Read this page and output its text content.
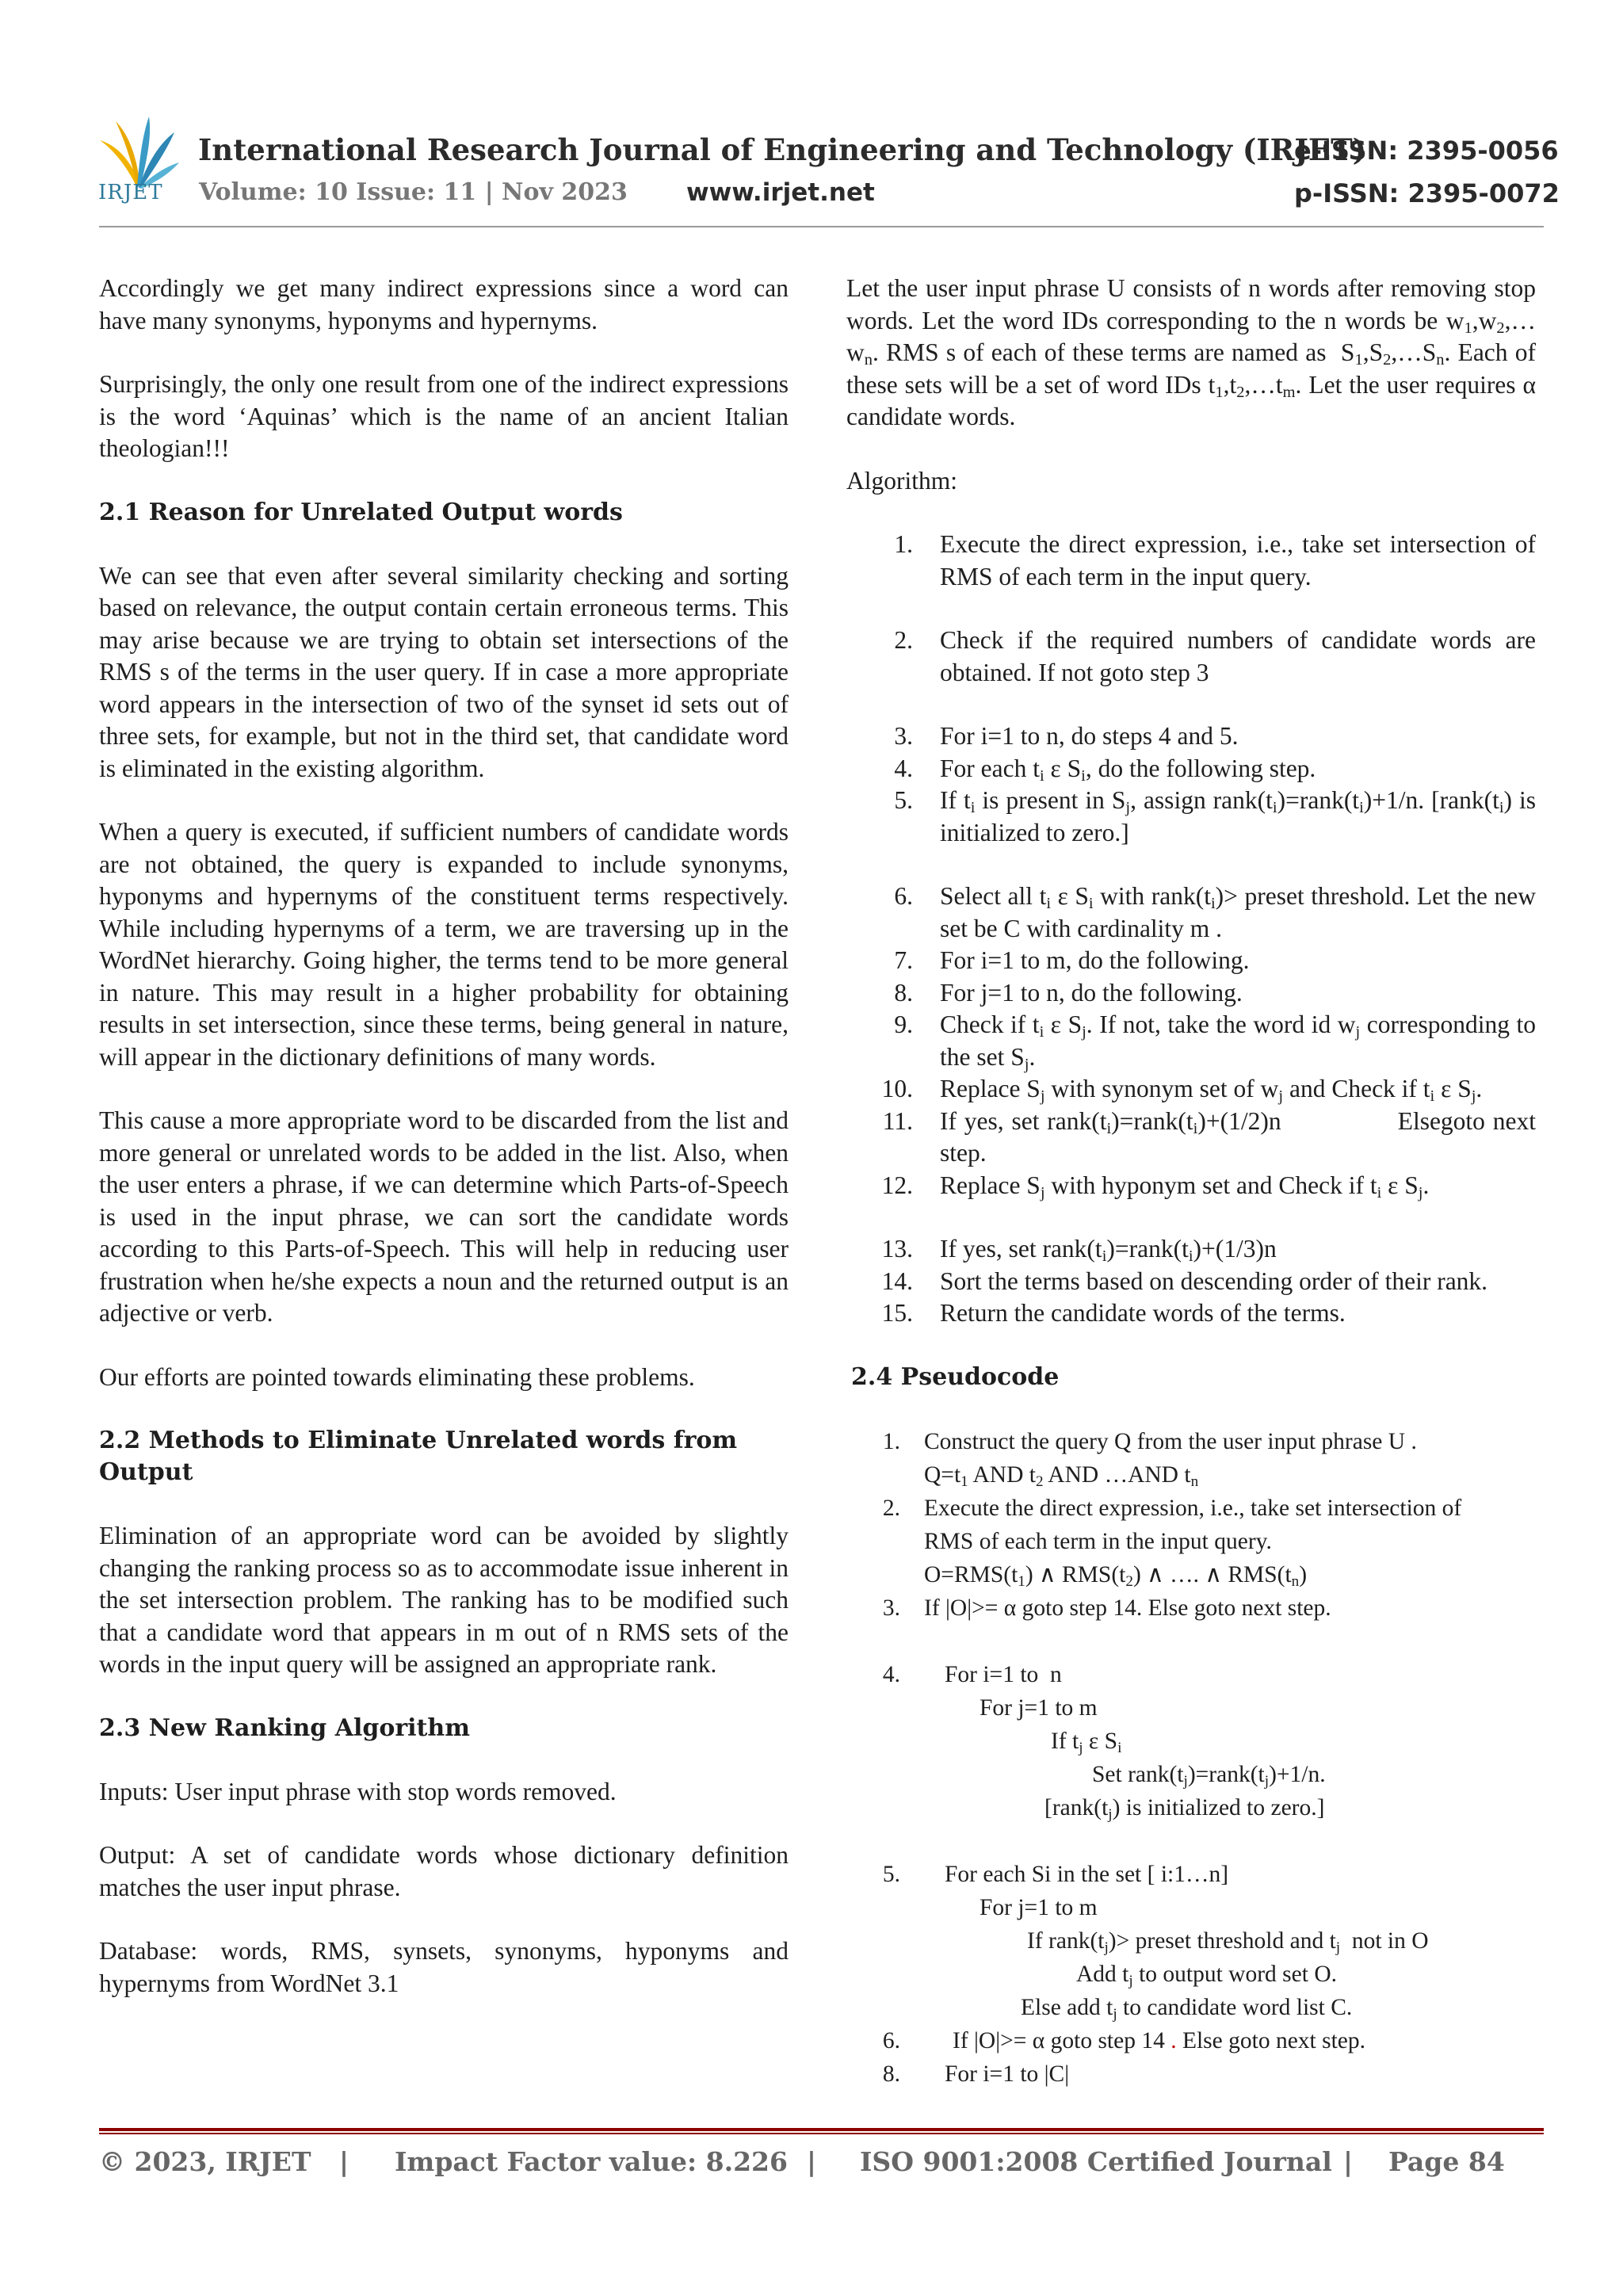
IRJET
International Research Journal of Engineering and Technology (IRJET)
e-ISSN: 2395-0056
Volume: 10 Issue: 11 | Nov 2023 www.irjet.net	p-ISSN: 2395-0072

Accordingly we get many indirect expressions since a word can have many synonyms, hyponyms and hypernyms.

Surprisingly, the only one result from one of the indirect expressions is the word ‘Aquinas’ which is the name of an ancient Italian theologian!!!

2.1 Reason for Unrelated Output words

We can see that even after several similarity checking and sorting based on relevance, the output contain certain erroneous terms. This may arise because we are trying to obtain set intersections of the RMS s of the terms in the user query. If in case a more appropriate word appears in the intersection of two of the synset id sets out of three sets, for example, but not in the third set, that candidate word is eliminated in the existing algorithm.

When a query is executed, if sufficient numbers of candidate words are not obtained, the query is expanded to include synonyms, hyponyms and hypernyms of the constituent terms respectively. While including hypernyms of a term, we are traversing up in the WordNet hierarchy. Going higher, the terms tend to be more general in nature. This may result in a higher probability for obtaining results in set intersection, since these terms, being general in nature, will appear in the dictionary definitions of many words.

This cause a more appropriate word to be discarded from the list and more general or unrelated words to be added in the list. Also, when the user enters a phrase, if we can determine which Parts-of-Speech is used in the input phrase, we can sort the candidate words according to this Parts-of-Speech. This will help in reducing user frustration when he/she expects a noun and the returned output is an adjective or verb.

Our efforts are pointed towards eliminating these problems.

2.2 Methods to Eliminate Unrelated words from Output

Elimination of an appropriate word can be avoided by slightly changing the ranking process so as to accommodate issue inherent in the set intersection problem. The ranking has to be modified such that a candidate word that appears in m out of n RMS sets of the words in the input query will be assigned an appropriate rank.

2.3 New Ranking Algorithm

Inputs: User input phrase with stop words removed.

Output: A set of candidate words whose dictionary definition matches the user input phrase.

Database: words, RMS, synsets, synonyms, hyponyms and hypernyms from WordNet 3.1

Let the user input phrase U consists of n words after removing stop words. Let the word IDs corresponding to the n words be $w_1,w_2,\dots w_n$. RMS s of each of these terms are named as  $S_1,S_2,\dots S_n$. Each of these sets will be a set of word IDs $t_1,t_2,\dots t_m$. Let the user requires α candidate words.

Algorithm:

1. Execute the direct expression, i.e., take set intersection of RMS of each term in the input query.
2. Check if the required numbers of candidate words are obtained. If not goto step 3
3. For i=1 to n, do steps 4 and 5.
4. For each $t_i$ ε $S_i$, do the following step.
5. If $t_i$ is present in $S_j$, assign $rank(t_i)=rank(t_i)+1/n$. [$rank(t_i)$ is initialized to zero.]
6. Select all $t_i$ ε $S_i$ with $rank(t_i)>$ preset threshold. Let the new set be C with cardinality m .
7. For i=1 to m, do the following.
8. For j=1 to n, do the following.
9. Check if $t_i$ ε $S_j$. If not, take the word id $w_j$ corresponding to the set $S_j$.
10. Replace $S_j$ with synonym set of $w_j$ and Check if $t_i$ ε $S_j$.
11. If yes, set $rank(t_i)=rank(t_i)+(1/2)n$               Elsegoto next step.
12. Replace $S_j$ with hyponym set and Check if $t_i$ ε $S_j$.
13. If yes, set $rank(t_i)=rank(t_i)+(1/3)n$
14. Sort the terms based on descending order of their rank.
15. Return the candidate words of the terms.
2.4 Pseudocode
1. Construct the query Q from the user input phrase U .
$Q=t_1$ AND $t_2$ AND …AND $t_n$
2. Execute the direct expression, i.e., take set intersection of
RMS of each term in the input query.
$O=RMS(t_1)$ ∧ $RMS(t_2)$ ∧ …. ∧ $RMS(t_n)$
3. If |O|>= α goto step 14. Else goto next step.
4. For i=1 to  n
For j=1 to m
If $t_j$ ε $S_i$
Set $rank(t_j)=rank(t_j)+1/n$.
[$rank(t_j)$ is initialized to zero.]
5. For each Si in the set [ i:1…n]
For j=1 to m
If $rank(t_j)>$ preset threshold and $t_j$  not in O
Add $t_j$ to output word set O.
Else add $t_j$ to candidate word list C.
6. If |O|>= α goto step 14 . Else goto next step.
8. For i=1 to |C|
© 2023, IRJET | Impact Factor value: 8.226 | ISO 9001:2008 Certified Journal | Page 84
